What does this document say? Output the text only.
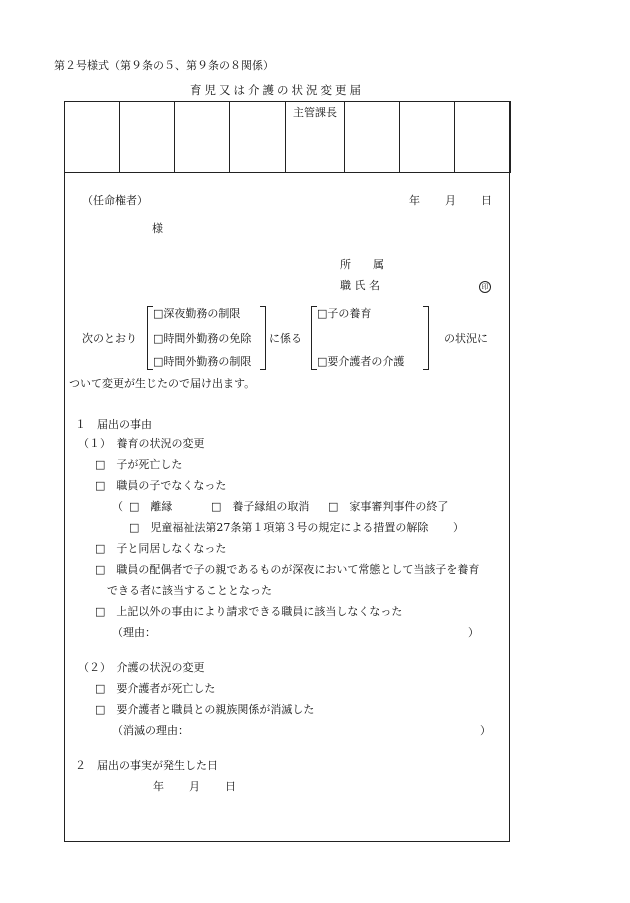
第２号様式（第９条の５、第９条の８関係）
育児又は介護の状況変更届
				主管課長			
（任命権者）	年 月 日
様
所　　属
職 氏 名	印
次のとおり
□深夜勤務の制限
□時間外勤務の免除
□時間外勤務の制限
に係る
□子の養育
□要介護者の介護
の状況に
ついて変更が生じたので届け出ます。
１　届出の事由
（１）　養育の状況の変更
□　子が死亡した
□　職員の子でなくなった
（ □　離縁	□　養子縁組の取消 □　家事審判事件の終了
□　児童福祉法第27条第１項第３号の規定による措置の解除 ）
□　子と同居しなくなった
□　職員の配偶者で子の親であるものが深夜において常態として当該子を養育
できる者に該当することとなった
□　上記以外の事由により請求できる職員に該当しなくなった
（理由：	）
（２）　介護の状況の変更
□　要介護者が死亡した
□　要介護者と職員との親族関係が消滅した
（消滅の理由：	）
２　届出の事実が発生した日
年 月 日
